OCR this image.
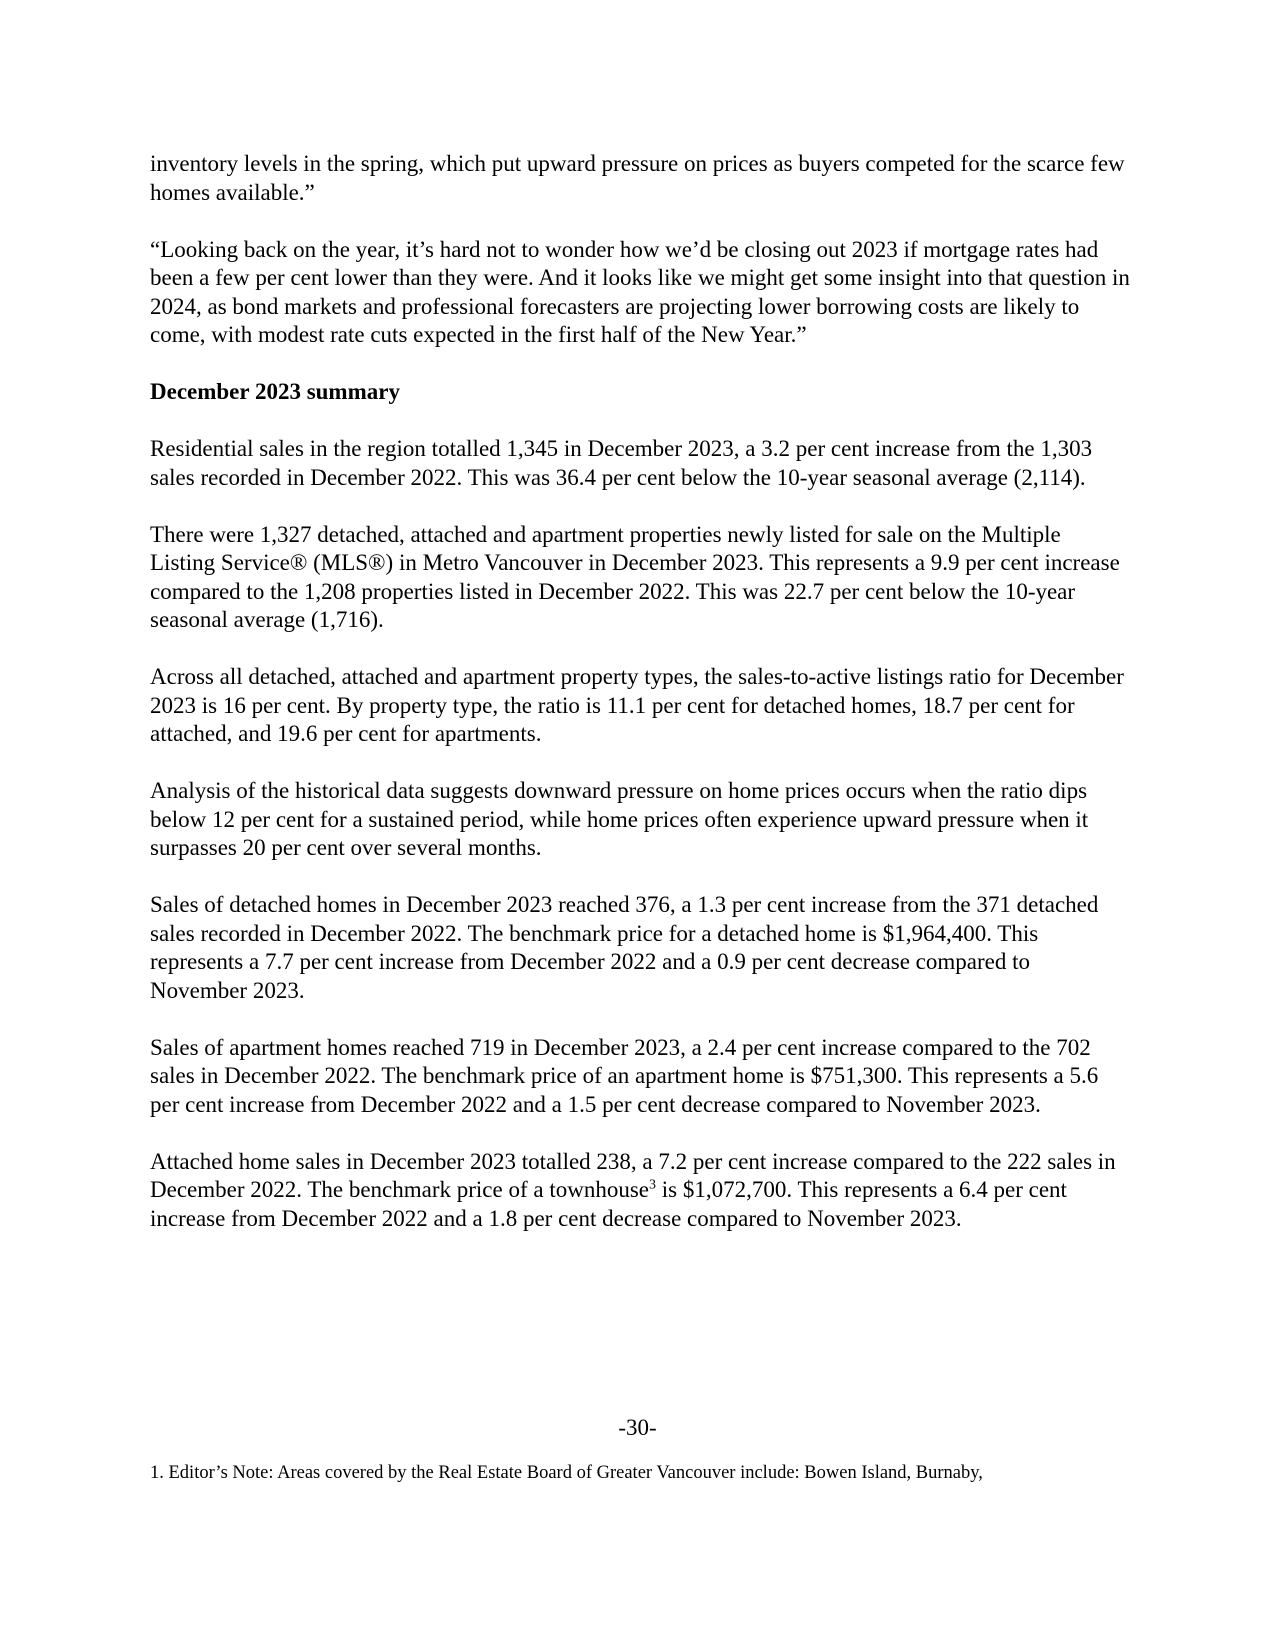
inventory levels in the spring, which put upward pressure on prices as buyers competed for the scarce few homes available.”

“Looking back on the year, it’s hard not to wonder how we’d be closing out 2023 if mortgage rates had been a few per cent lower than they were. And it looks like we might get some insight into that question in 2024, as bond markets and professional forecasters are projecting lower borrowing costs are likely to come, with modest rate cuts expected in the first half of the New Year.”

December 2023 summary

Residential sales in the region totalled 1,345 in December 2023, a 3.2 per cent increase from the 1,303 sales recorded in December 2022. This was 36.4 per cent below the 10-year seasonal average (2,114).

There were 1,327 detached, attached and apartment properties newly listed for sale on the Multiple Listing Service® (MLS®) in Metro Vancouver in December 2023. This represents a 9.9 per cent increase compared to the 1,208 properties listed in December 2022. This was 22.7 per cent below the 10-year seasonal average (1,716).

Across all detached, attached and apartment property types, the sales-to-active listings ratio for December 2023 is 16 per cent. By property type, the ratio is 11.1 per cent for detached homes, 18.7 per cent for attached, and 19.6 per cent for apartments.

Analysis of the historical data suggests downward pressure on home prices occurs when the ratio dips below 12 per cent for a sustained period, while home prices often experience upward pressure when it surpasses 20 per cent over several months.

Sales of detached homes in December 2023 reached 376, a 1.3 per cent increase from the 371 detached sales recorded in December 2022. The benchmark price for a detached home is $1,964,400. This represents a 7.7 per cent increase from December 2022 and a 0.9 per cent decrease compared to November 2023.

Sales of apartment homes reached 719 in December 2023, a 2.4 per cent increase compared to the 702 sales in December 2022. The benchmark price of an apartment home is $751,300. This represents a 5.6 per cent increase from December 2022 and a 1.5 per cent decrease compared to November 2023.

Attached home sales in December 2023 totalled 238, a 7.2 per cent increase compared to the 222 sales in December 2022. The benchmark price of a townhouse$^3$ is $1,072,700. This represents a 6.4 per cent increase from December 2022 and a 1.8 per cent decrease compared to November 2023.

-30-
1. Editor’s Note: Areas covered by the Real Estate Board of Greater Vancouver include: Bowen Island, Burnaby,
